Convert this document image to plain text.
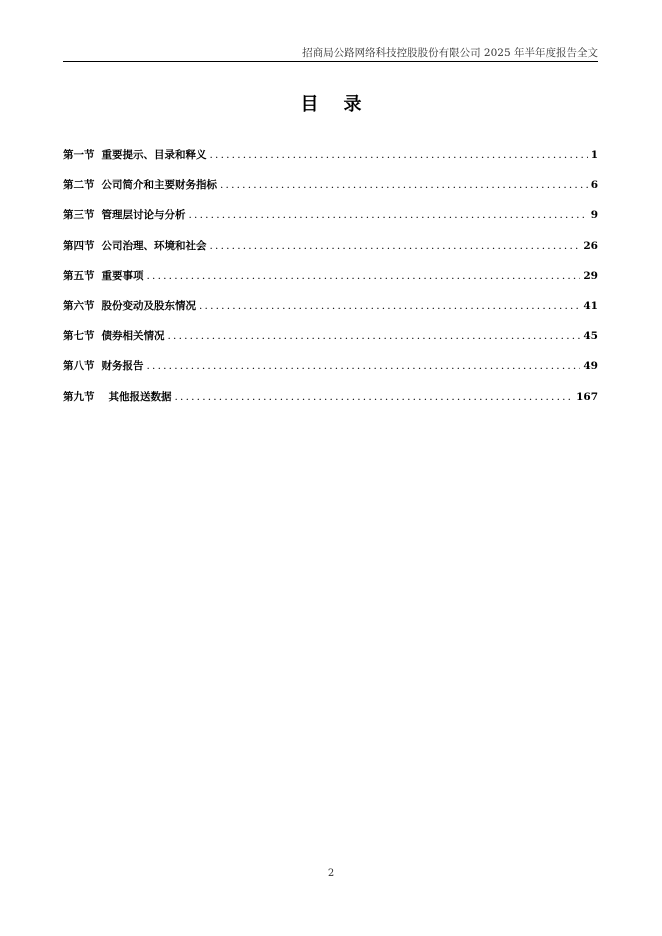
招商局公路网络科技控股股份有限公司 2025 年半年度报告全文
目    录
第一节 重要提示、目录和释义 .....	1
第二节 公司简介和主要财务指标 .....	6
第三节 管理层讨论与分析 .....	9
第四节 公司治理、环境和社会 .....	26
第五节 重要事项 .....	29
第六节 股份变动及股东情况 .....	41
第七节 债券相关情况 .....	45
第八节 财务报告 .....	49
第九节 其他报送数据 .....	167
2
